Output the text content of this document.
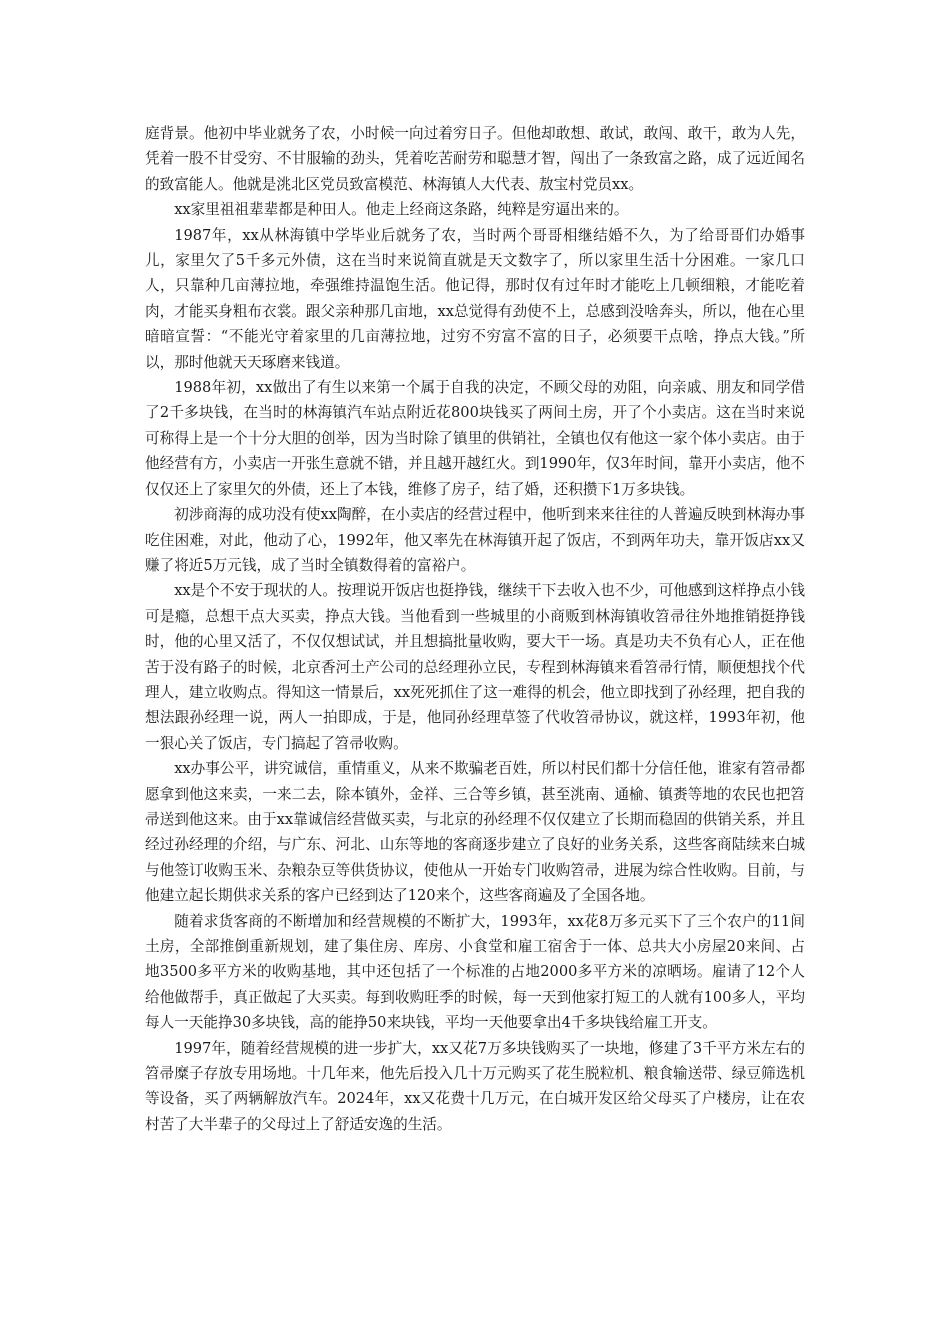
庭背景。他初中毕业就务了农，小时候一向过着穷日子。但他却敢想、敢试，敢闯、敢干，敢为人先，凭着一股不甘受穷、不甘服输的劲头，凭着吃苦耐劳和聪慧才智，闯出了一条致富之路，成了远近闻名的致富能人。他就是洮北区党员致富模范、林海镇人大代表、敖宝村党员xx。

xx家里祖祖辈辈都是种田人。他走上经商这条路，纯粹是穷逼出来的。

1987年，xx从林海镇中学毕业后就务了农，当时两个哥哥相继结婚不久，为了给哥哥们办婚事儿，家里欠了5千多元外债，这在当时来说简直就是天文数字了，所以家里生活十分困难。一家几口人，只靠种几亩薄拉地，牵强维持温饱生活。他记得，那时仅有过年时才能吃上几顿细粮，才能吃着肉，才能买身粗布衣裳。跟父亲种那几亩地，xx总觉得有劲使不上，总感到没啥奔头，所以，他在心里暗暗宣誓：“不能光守着家里的几亩薄拉地，过穷不穷富不富的日子，必须要干点啥，挣点大钱。”所以，那时他就天天琢磨来钱道。

1988年初，xx做出了有生以来第一个属于自我的决定，不顾父母的劝阻，向亲戚、朋友和同学借了2千多块钱，在当时的林海镇汽车站点附近花800块钱买了两间土房，开了个小卖店。这在当时来说可称得上是一个十分大胆的创举，因为当时除了镇里的供销社，全镇也仅有他这一家个体小卖店。由于他经营有方，小卖店一开张生意就不错，并且越开越红火。到1990年，仅3年时间，靠开小卖店，他不仅仅还上了家里欠的外债，还上了本钱，维修了房子，结了婚，还积攒下1万多块钱。

初涉商海的成功没有使xx陶醉，在小卖店的经营过程中，他听到来来往往的人普遍反映到林海办事吃住困难，对此，他动了心，1992年，他又率先在林海镇开起了饭店，不到两年功夫，靠开饭店xx又赚了将近5万元钱，成了当时全镇数得着的富裕户。

xx是个不安于现状的人。按理说开饭店也挺挣钱，继续干下去收入也不少，可他感到这样挣点小钱可是瘾，总想干点大买卖，挣点大钱。当他看到一些城里的小商贩到林海镇收笤帚往外地推销挺挣钱时，他的心里又活了，不仅仅想试试，并且想搞批量收购，要大干一场。真是功夫不负有心人，正在他苦于没有路子的时候，北京香河土产公司的总经理孙立民，专程到林海镇来看笤帚行情，顺便想找个代理人，建立收购点。得知这一情景后，xx死死抓住了这一难得的机会，他立即找到了孙经理，把自我的想法跟孙经理一说，两人一拍即成，于是，他同孙经理草签了代收笤帚协议，就这样，1993年初，他一狠心关了饭店，专门搞起了笤帚收购。

xx办事公平，讲究诚信，重情重义，从来不欺骗老百姓，所以村民们都十分信任他，谁家有笤帚都愿拿到他这来卖，一来二去，除本镇外，金祥、三合等乡镇，甚至洮南、通榆、镇赉等地的农民也把笤帚送到他这来。由于xx靠诚信经营做买卖，与北京的孙经理不仅仅建立了长期而稳固的供销关系，并且经过孙经理的介绍，与广东、河北、山东等地的客商逐步建立了良好的业务关系，这些客商陆续来白城与他签订收购玉米、杂粮杂豆等供货协议，使他从一开始专门收购笤帚，进展为综合性收购。目前，与他建立起长期供求关系的客户已经到达了120来个，这些客商遍及了全国各地。

随着求货客商的不断增加和经营规模的不断扩大，1993年，xx花8万多元买下了三个农户的11间土房，全部推倒重新规划，建了集住房、库房、小食堂和雇工宿舍于一体、总共大小房屋20来间、占地3500多平方米的收购基地，其中还包括了一个标准的占地2000多平方米的凉晒场。雇请了12个人给他做帮手，真正做起了大买卖。每到收购旺季的时候，每一天到他家打短工的人就有100多人，平均每人一天能挣30多块钱，高的能挣50来块钱，平均一天他要拿出4千多块钱给雇工开支。

1997年，随着经营规模的进一步扩大，xx又花7万多块钱购买了一块地，修建了3千平方米左右的笤帚糜子存放专用场地。十几年来，他先后投入几十万元购买了花生脱粒机、粮食输送带、绿豆筛选机等设备，买了两辆解放汽车。2024年，xx又花费十几万元，在白城开发区给父母买了户楼房，让在农村苦了大半辈子的父母过上了舒适安逸的生活。
